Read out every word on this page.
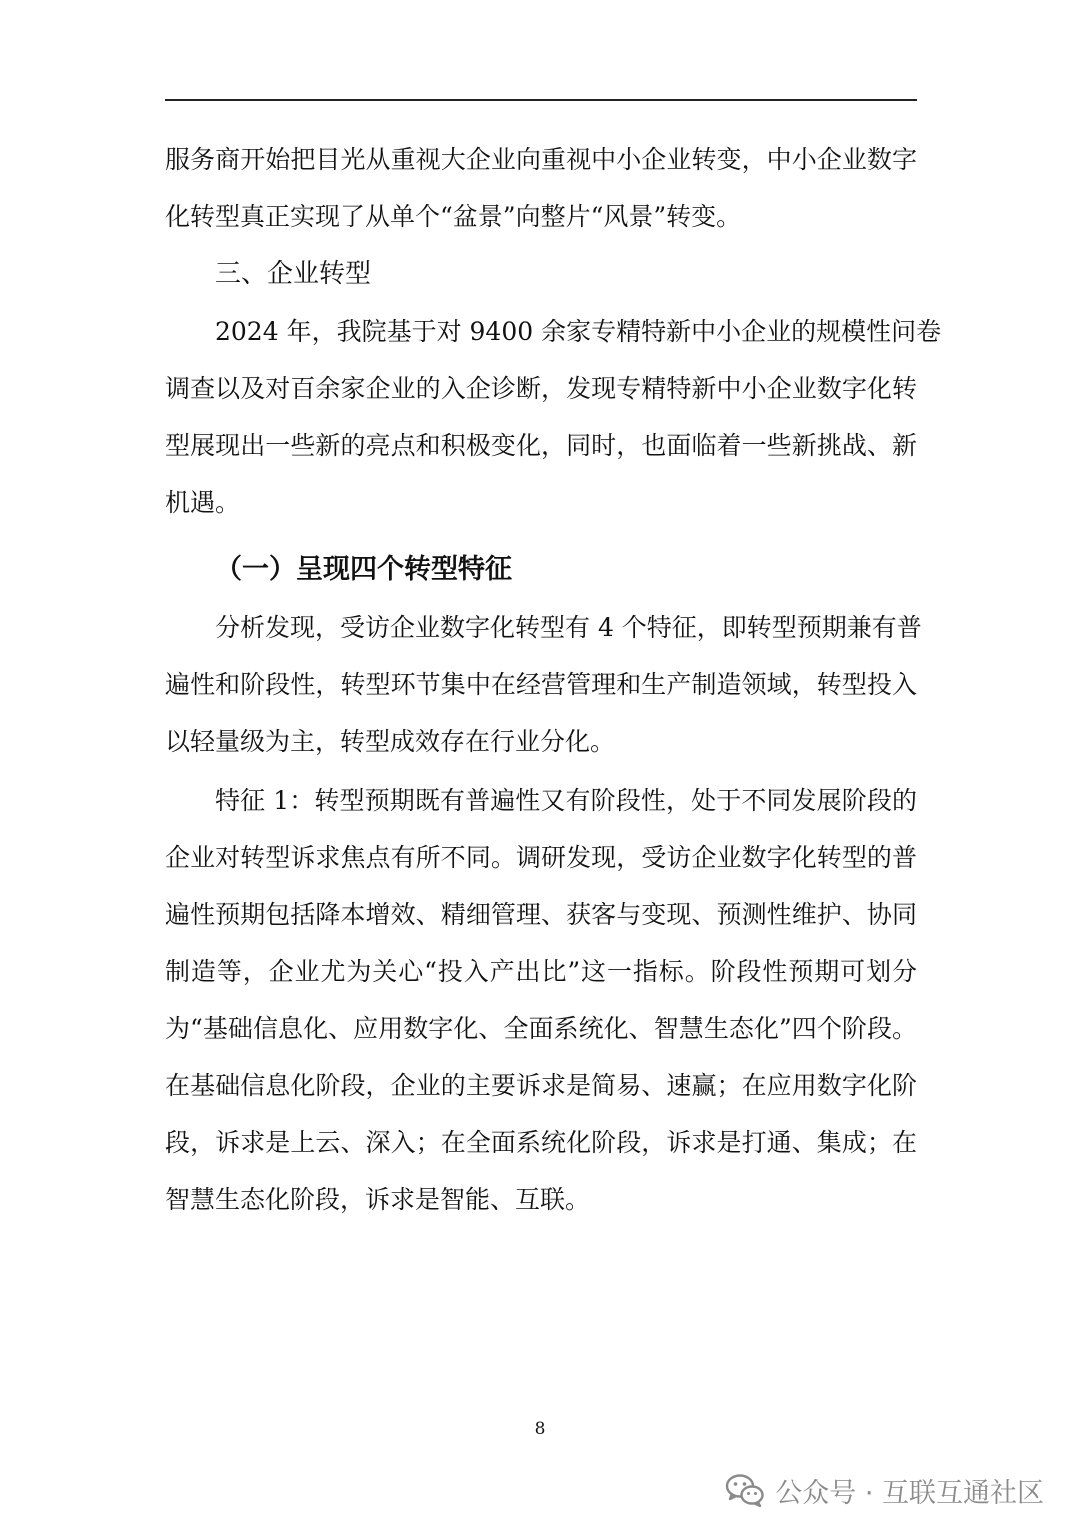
服务商开始把目光从重视大企业向重视中小企业转变，中小企业数字
化转型真正实现了从单个“盆景”向整片“风景”转变。
三、企业转型
2024 年，我院基于对 9400 余家专精特新中小企业的规模性问卷
调查以及对百余家企业的入企诊断，发现专精特新中小企业数字化转
型展现出一些新的亮点和积极变化，同时，也面临着一些新挑战、新
机遇。
（一）呈现四个转型特征
分析发现，受访企业数字化转型有 4 个特征，即转型预期兼有普
遍性和阶段性，转型环节集中在经营管理和生产制造领域，转型投入
以轻量级为主，转型成效存在行业分化。
特征 1：转型预期既有普遍性又有阶段性，处于不同发展阶段的
企业对转型诉求焦点有所不同。调研发现，受访企业数字化转型的普
遍性预期包括降本增效、精细管理、获客与变现、预测性维护、协同
制造等，企业尤为关心“投入产出比”这一指标。阶段性预期可划分
为“基础信息化、应用数字化、全面系统化、智慧生态化”四个阶段。
在基础信息化阶段，企业的主要诉求是简易、速赢；在应用数字化阶
段，诉求是上云、深入；在全面系统化阶段，诉求是打通、集成；在
智慧生态化阶段，诉求是智能、互联。
8
公众号 · 互联互通社区
